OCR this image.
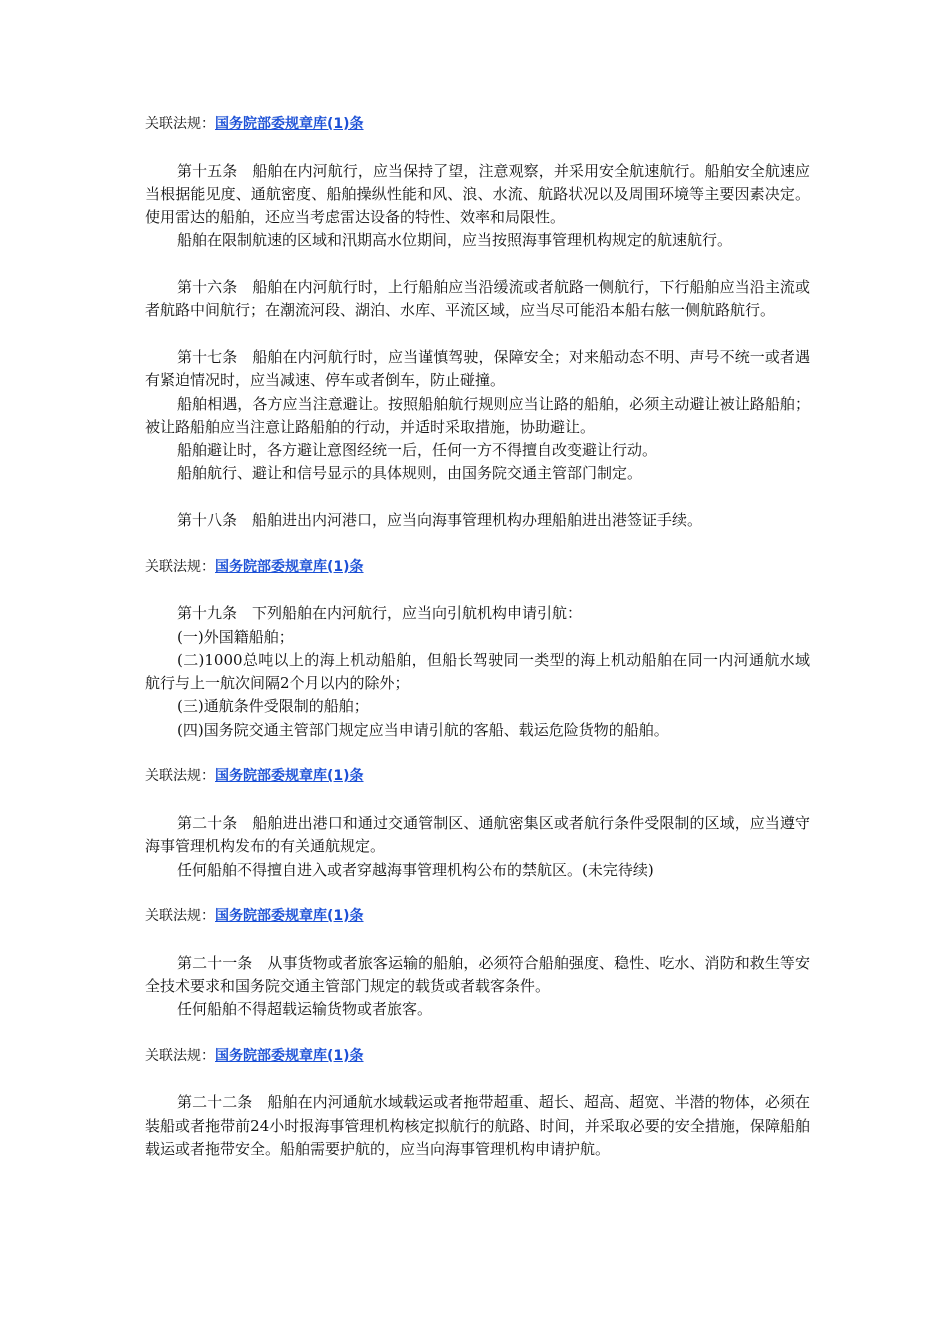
关联法规：国务院部委规章库(1)条

第十五条　船舶在内河航行，应当保持了望，注意观察，并采用安全航速航行。船舶安全航速应当根据能见度、通航密度、船舶操纵性能和风、浪、水流、航路状况以及周围环境等主要因素决定。使用雷达的船舶，还应当考虑雷达设备的特性、效率和局限性。

船舶在限制航速的区域和汛期高水位期间，应当按照海事管理机构规定的航速航行。

第十六条　船舶在内河航行时，上行船舶应当沿缓流或者航路一侧航行，下行船舶应当沿主流或者航路中间航行；在潮流河段、湖泊、水库、平流区域，应当尽可能沿本船右舷一侧航路航行。

第十七条　船舶在内河航行时，应当谨慎驾驶，保障安全；对来船动态不明、声号不统一或者遇有紧迫情况时，应当减速、停车或者倒车，防止碰撞。

船舶相遇，各方应当注意避让。按照船舶航行规则应当让路的船舶，必须主动避让被让路船舶；被让路船舶应当注意让路船舶的行动，并适时采取措施，协助避让。

船舶避让时，各方避让意图经统一后，任何一方不得擅自改变避让行动。

船舶航行、避让和信号显示的具体规则，由国务院交通主管部门制定。

第十八条　船舶进出内河港口，应当向海事管理机构办理船舶进出港签证手续。

关联法规：国务院部委规章库(1)条

第十九条　下列船舶在内河航行，应当向引航机构申请引航：

(一)外国籍船舶；

(二)1000总吨以上的海上机动船舶，但船长驾驶同一类型的海上机动船舶在同一内河通航水域航行与上一航次间隔2个月以内的除外；

(三)通航条件受限制的船舶；

(四)国务院交通主管部门规定应当申请引航的客船、载运危险货物的船舶。

关联法规：国务院部委规章库(1)条

第二十条　船舶进出港口和通过交通管制区、通航密集区或者航行条件受限制的区域，应当遵守海事管理机构发布的有关通航规定。

任何船舶不得擅自进入或者穿越海事管理机构公布的禁航区。(未完待续)

关联法规：国务院部委规章库(1)条

第二十一条　从事货物或者旅客运输的船舶，必须符合船舶强度、稳性、吃水、消防和救生等安全技术要求和国务院交通主管部门规定的载货或者载客条件。

任何船舶不得超载运输货物或者旅客。

关联法规：国务院部委规章库(1)条

第二十二条　船舶在内河通航水域载运或者拖带超重、超长、超高、超宽、半潜的物体，必须在装船或者拖带前24小时报海事管理机构核定拟航行的航路、时间，并采取必要的安全措施，保障船舶载运或者拖带安全。船舶需要护航的，应当向海事管理机构申请护航。
